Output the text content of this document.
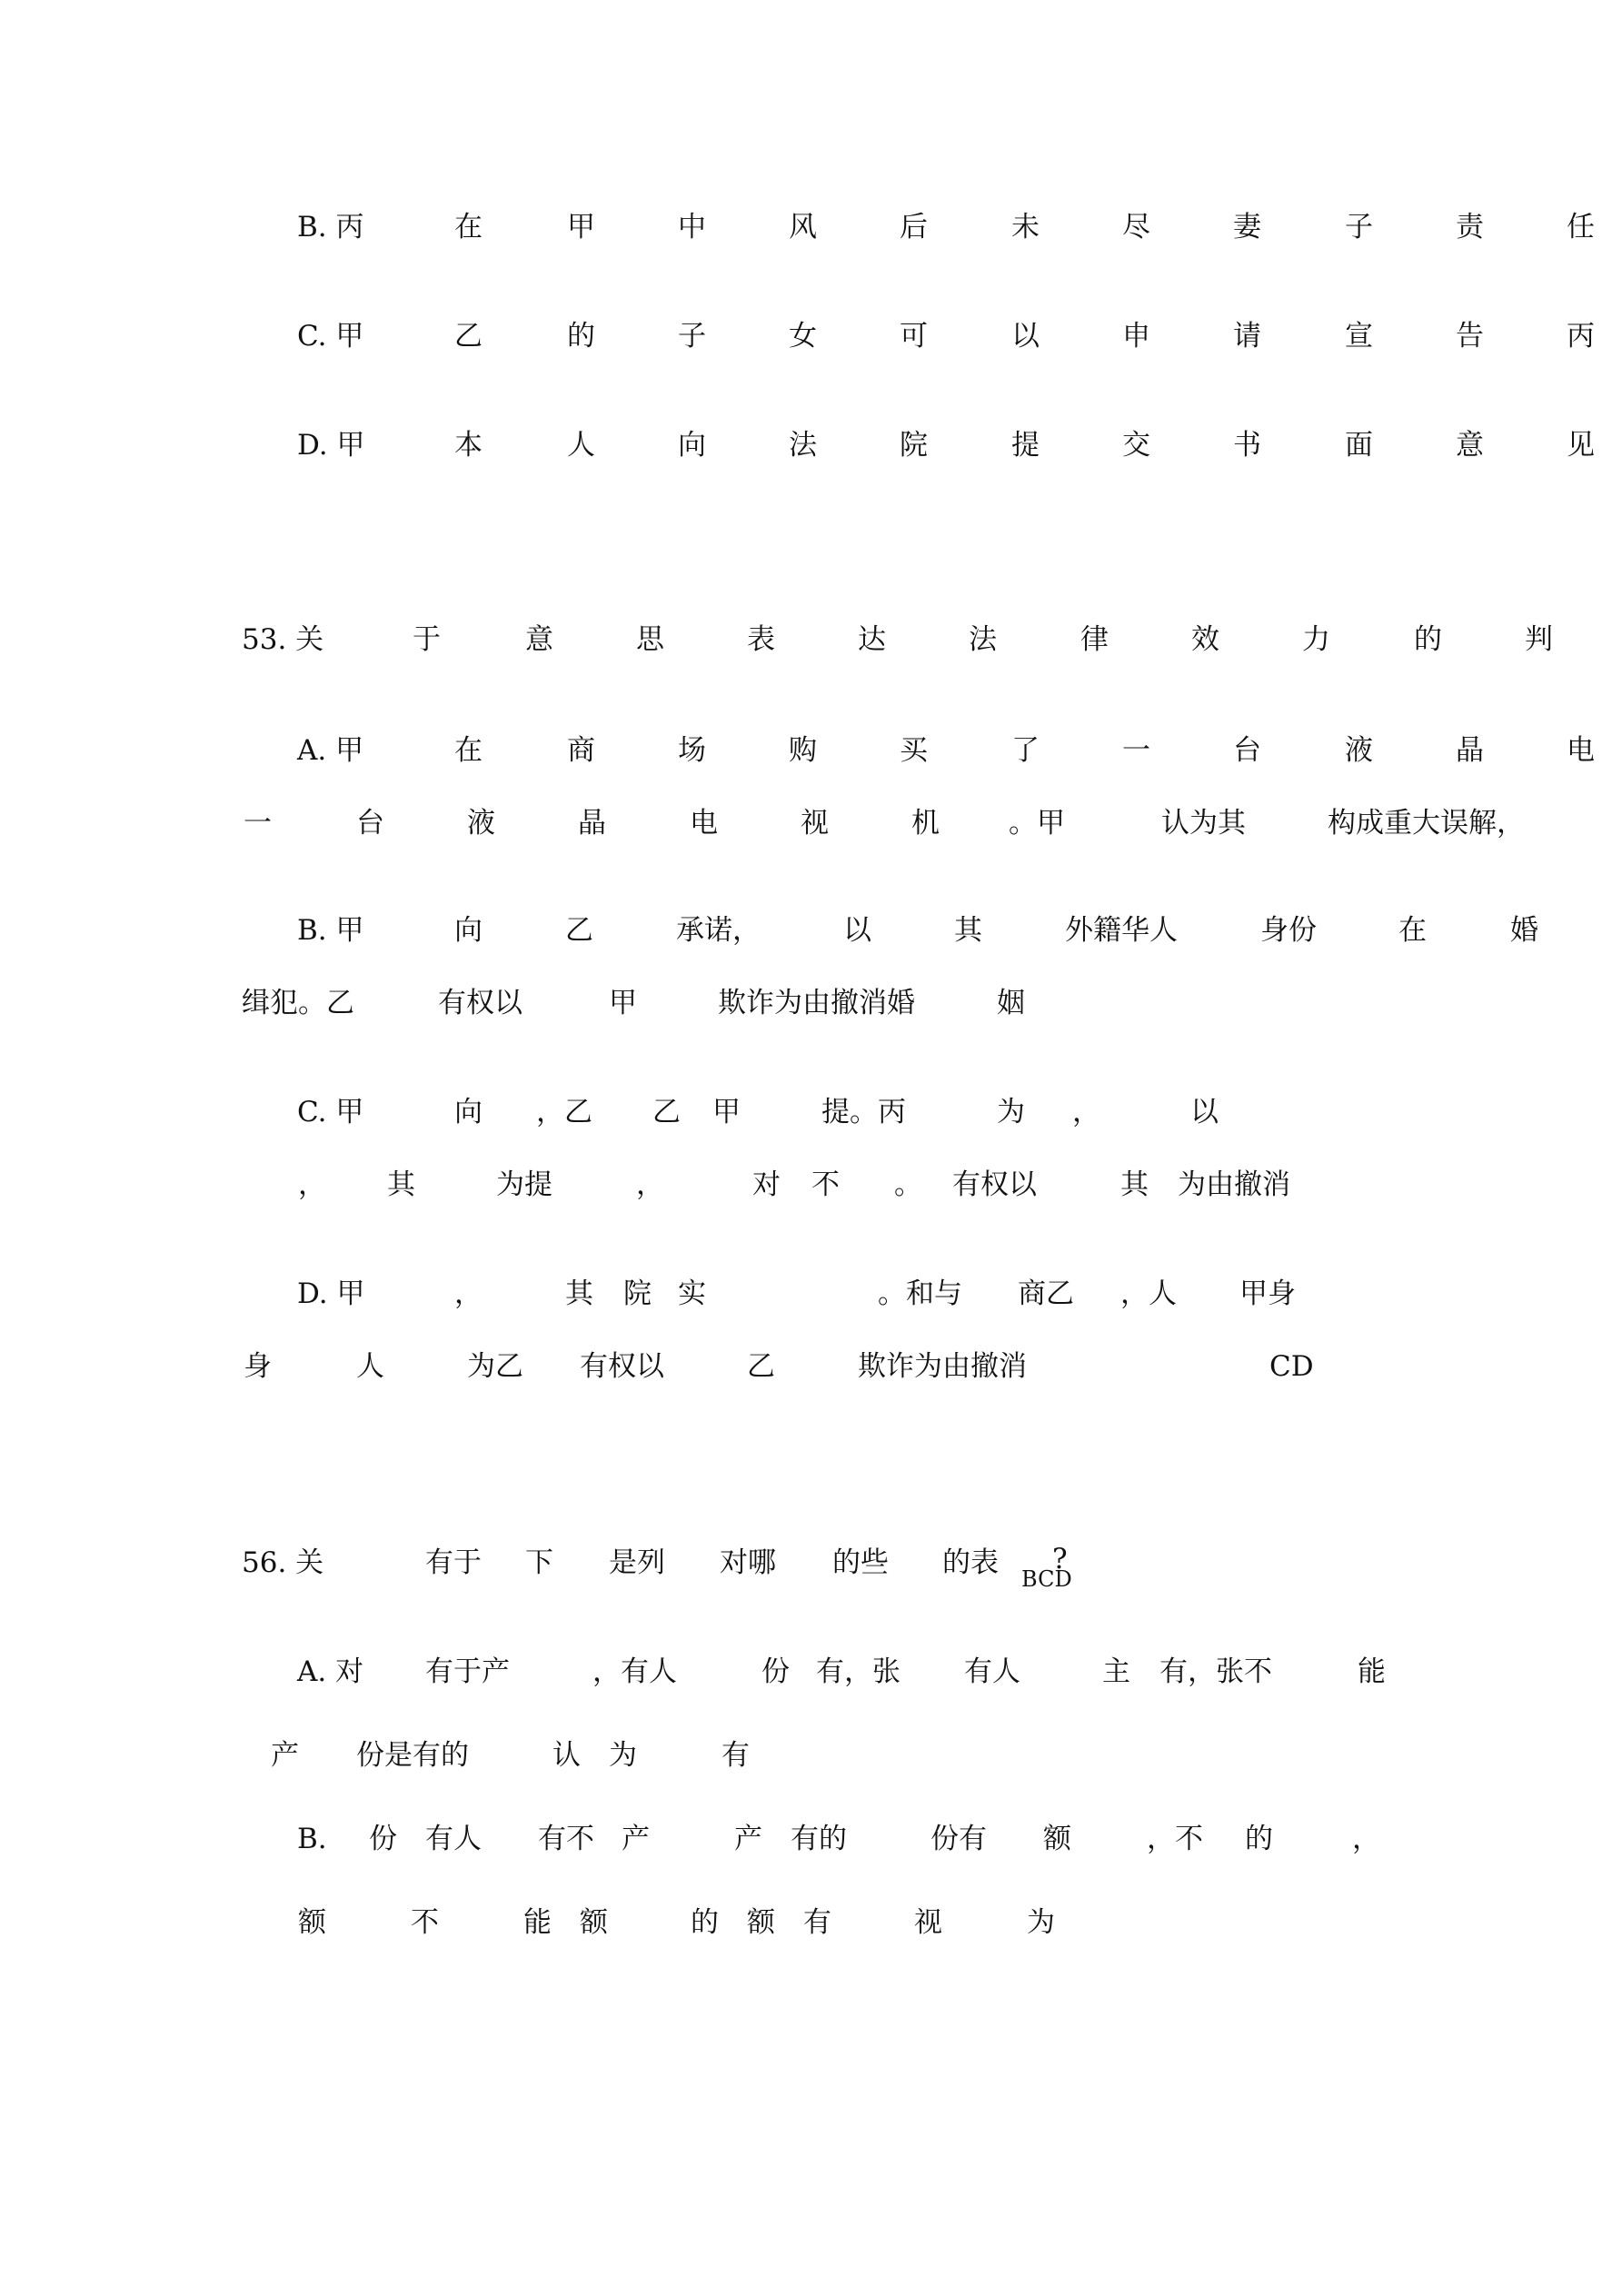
B. 丙	在	甲	中	风	后	未	尽	妻	子	责	任
C. 甲	乙	的	子	女	可	以	申	请	宣	告	丙
D. 甲	本	人	向	法	院	提	交	书	面	意	见
53. 关	于	意	思	表	达	法	律	效	力	的	判
A. 甲	在	商	场	购	买	了	一	台	液	晶	电
一	台	液	晶	电	视	机 。甲	认为其	构成重大误解，
B. 甲	向	乙	承诺，	以	其	外籍华人	身份	在	婚
缉犯。乙	有权以	甲	欺诈为由撤消婚	姻
C. 甲	向 ，乙 乙 甲	提。丙	为 ，	以
， 其	为提	，	对 不 。 有权以	其 为由撤消
D. 甲	，	其 院 实	。和与 商乙 ，人 甲身
身	人	为乙 有权以	乙	欺诈为由撤消	CD
56. 关	有于 下 是列 对哪 的些 的表 BCD
?
A. 对 有于产	，有人	份 有，张 有人	主 有，张不	能
产 份是有的	认 为	有
B. 份 有人 有不 产	产 有的	份有 额	，不 的	，
额	不	能 额	的 额 有	视	为
